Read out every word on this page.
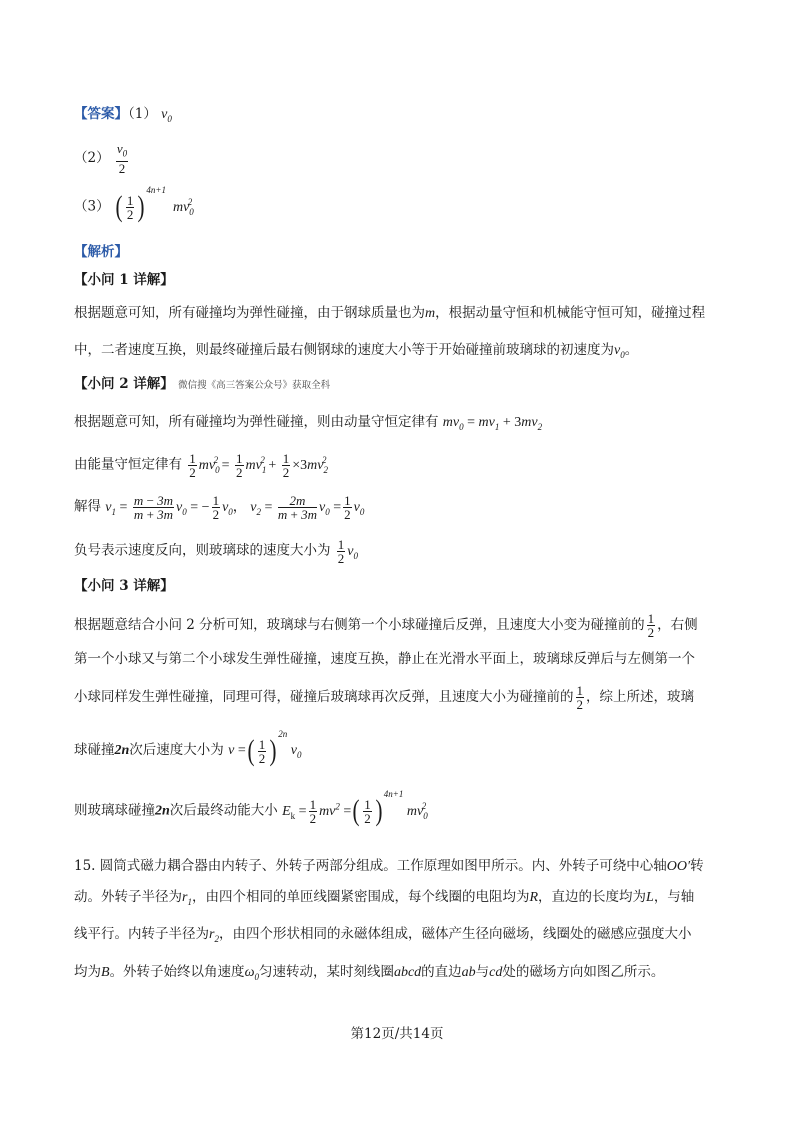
【答案】（1） $v_0$
$(2) \frac{v_0}{2}$
（3） ( $\frac{1}{2} )4n+1$  $mv_0^2$
【解析】
【小问 1 详解】
根据题意可知，所有碰撞均为弹性碰撞，由于钢球质量也为m，根据动量守恒和机械能守恒可知，碰撞过程
中，二者速度互换，则最终碰撞后最右侧钢球的速度大小等于开始碰撞前玻璃球的初速度为$v_0$。
【小问 2 详解】 微信搜《高三答案公众号》获取全科
根据题意可知，所有碰撞均为弹性碰撞，则由动量守恒定律有 $mv_0 = mv_1 + 3mv_2$
由能量守恒定律有 $\frac{1}{2} mv_0^2 = \frac{1}{2} mv_1^2 + \frac{1}{2} \times 3mv_2^2$
解得 $v_1 = \frac{m - 3m}{m + 3m} v_0$ = − $\frac{1}{2} v_0$， $v_2 = \frac{2m}{m + 3m} v_0 = \frac{1}{2} v_0$
负号表示速度反向，则玻璃球的速度大小为 $\frac{1}{2} v_0$
【小问 3 详解】
根据题意结合小问 2 分析可知，玻璃球与右侧第一个小球碰撞后反弹，且速度大小变为碰撞前的 $\frac{1}{2}$ ，右侧
第一个小球又与第二个小球发生弹性碰撞，速度互换，静止在光滑水平面上，玻璃球反弹后与左侧第一个
小球同样发生弹性碰撞，同理可得，碰撞后玻璃球再次反弹，且速度大小为碰撞前的 $\frac{1}{2}$ ，综上所述，玻璃
球碰撞2n次后速度大小为 v =( $\frac{1}{2}$ ) 2n $v_0$
则玻璃球碰撞2n次后最终动能大小 $E_k = \frac{1}{2} mv^2$ =( $\frac{1}{2} )4n+1$ $mv_0^2$
15. 圆筒式磁力耦合器由内转子、外转子两部分组成。工作原理如图甲所示。内、外转子可绕中心轴OO′转
动。外转子半径为$r_1$，由四个相同的单匝线圈紧密围成，每个线圈的电阻均为R，直边的长度均为L，与轴
线平行。内转子半径为$r_2$，由四个形状相同的永磁体组成，磁体产生径向磁场，线圈处的磁感应强度大小
均为B。外转子始终以角速度$\omega_0$匀速转动，某时刻线圈abcd的直边ab与cd处的磁场方向如图乙所示。
第12页/共14页
